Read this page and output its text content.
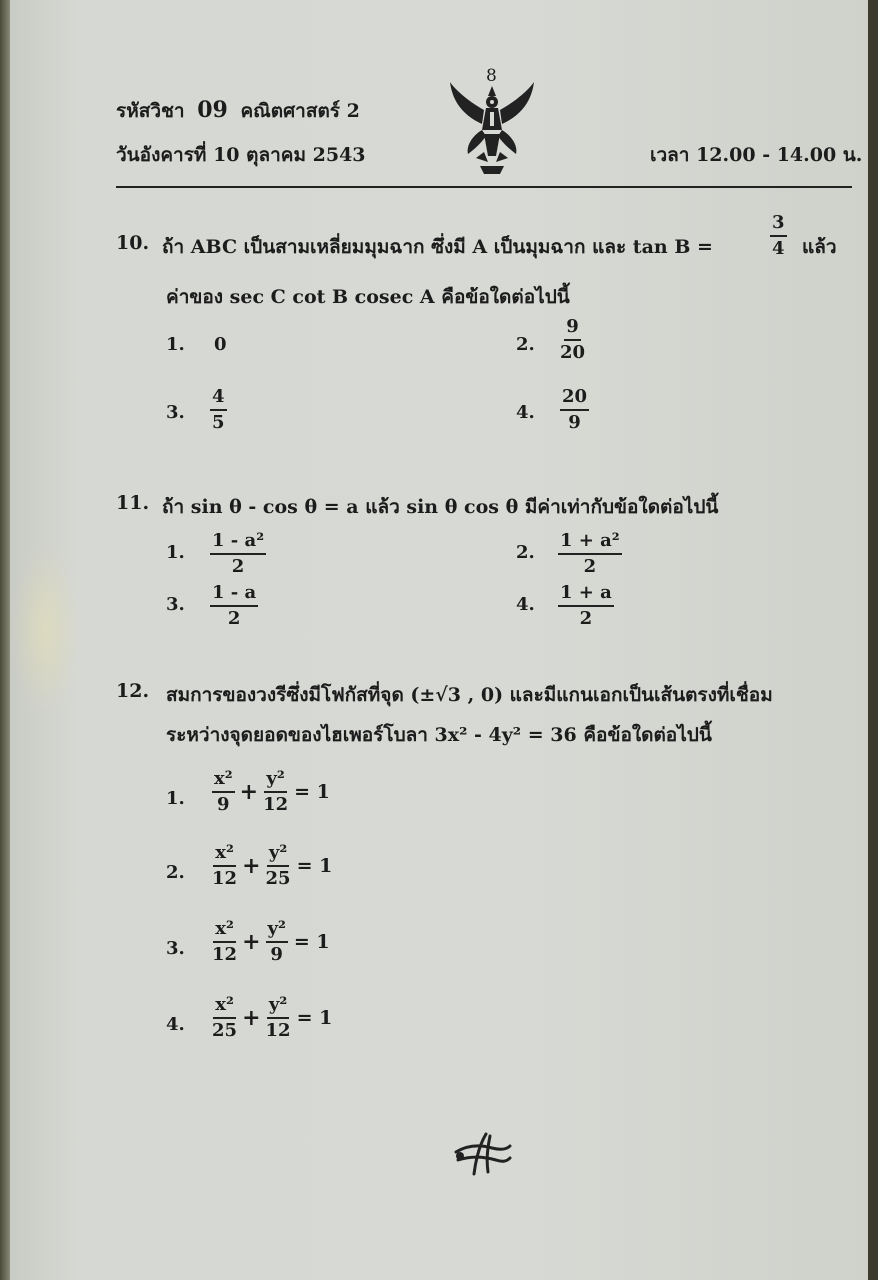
8
รหัสวิชา 09 คณิตศาสตร์ 2
วันอังคารที่ 10 ตุลาคม 2543	เวลา 12.00 - 14.00 น.
10. ถ้า ABC เป็นสามเหลี่ยมมุมฉาก ซึ่งมี A เป็นมุมฉาก และ tan B =	$\frac{3}{4}$ แล้ว
ค่าของ sec C cot B cosec A คือข้อใดต่อไปนี้
1. 0	2. $\frac{9}{20}$
3. $\frac{4}{5}$	4. $\frac{20}{9}$
11. ถ้า sin θ - cos θ = a แล้ว sin θ cos θ มีค่าเท่ากับข้อใดต่อไปนี้
1. $\frac{\text{1 - a²}}{2}$	2. $\frac{\text{1 + a²}}{2}$
3. $\frac{1 - a}{2}$	4. $\frac{1 + a}{2}$
12. สมการของวงรีซึ่งมีโฟกัสที่จุด (±√3 , 0) และมีแกนเอกเป็นเส้นตรงที่เชื่อม
ระหว่างจุดยอดของไฮเพอร์โบลา 3x² - 4y² = 36 คือข้อใดต่อไปนี้
1. $\frac{\text{x²}}{9} + \frac{\text{y²}}{12} = 1$
2. $\frac{\text{x²}}{12} + \frac{\text{y²}}{25} = 1$
3. $\frac{\text{x²}}{12} + \frac{\text{y²}}{9} = 1$
4. $\frac{\text{x²}}{25} + \frac{\text{y²}}{12} = 1$
